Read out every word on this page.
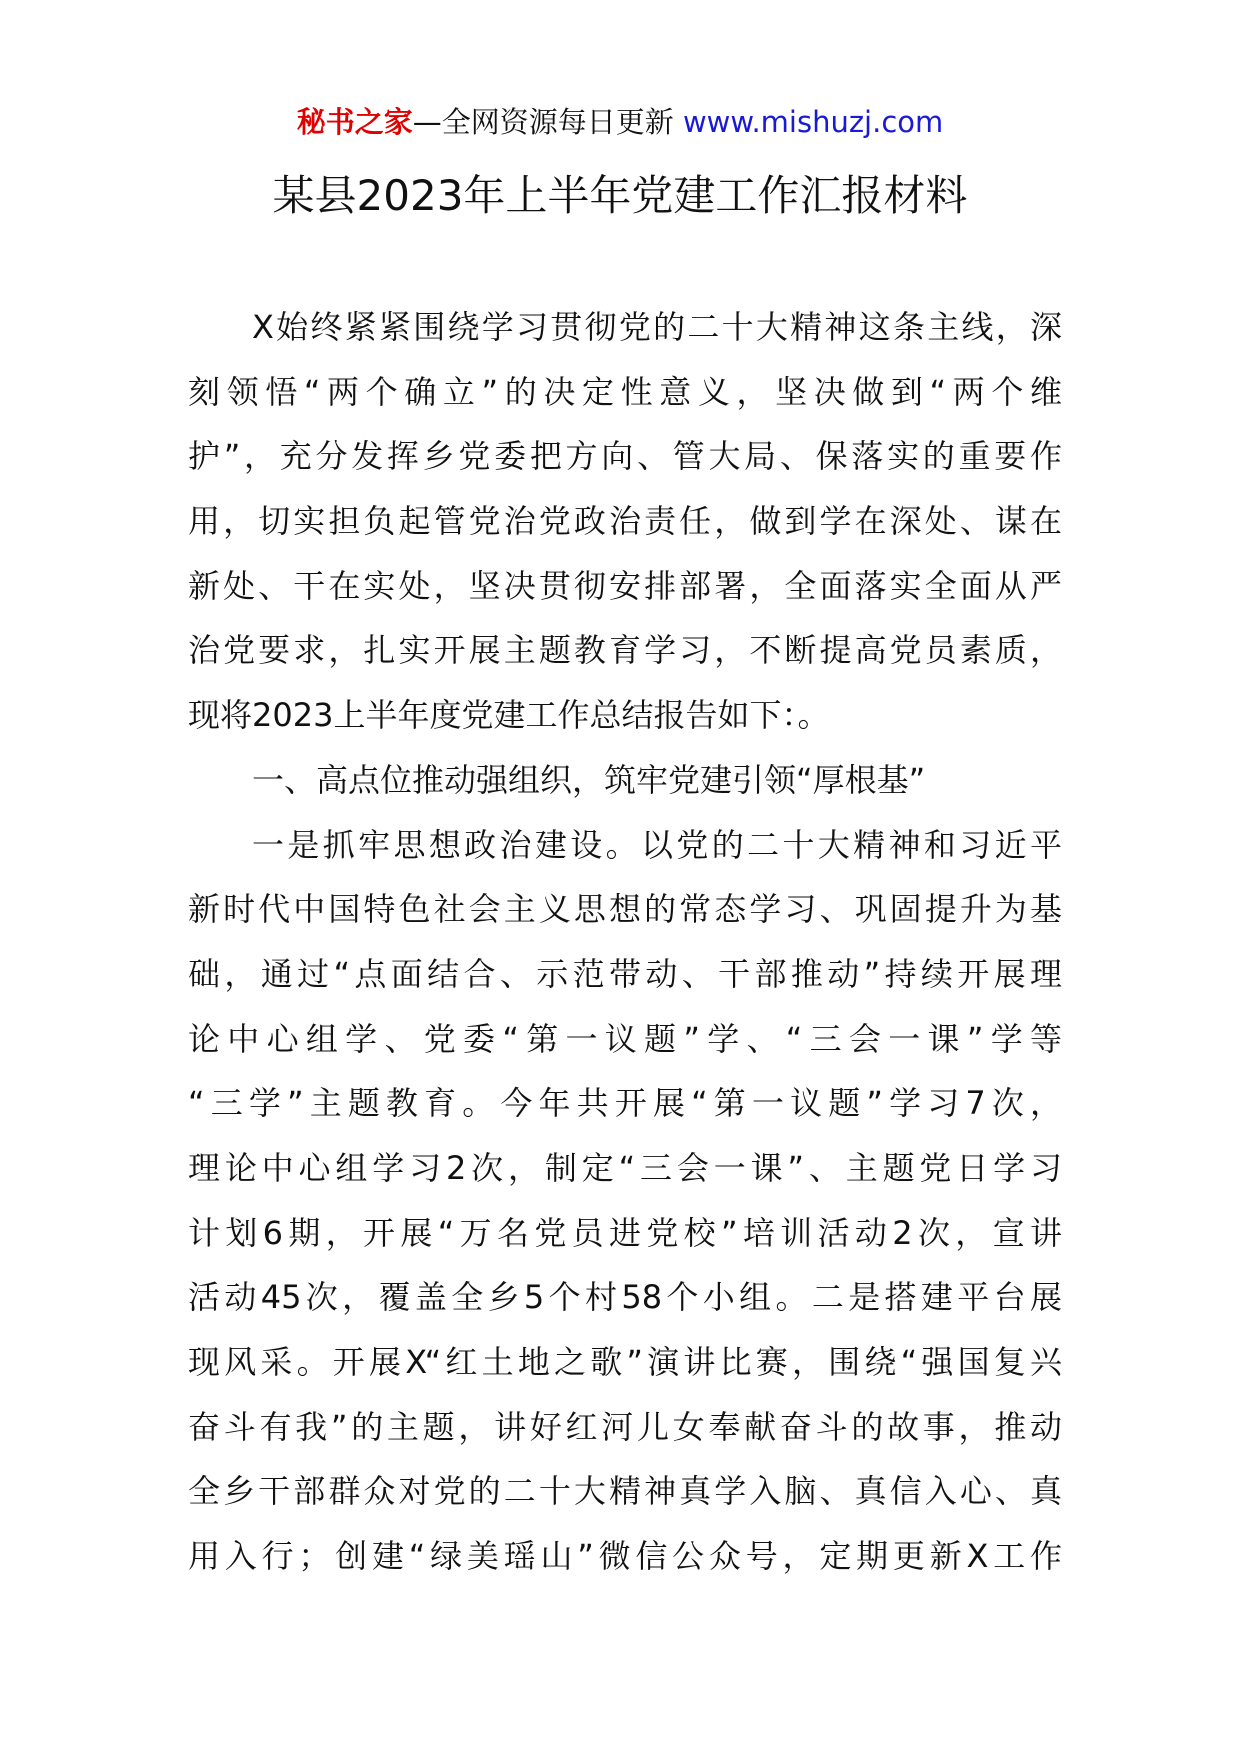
秘书之家—全网资源每日更新 www.mishuzj.com
某县2023年上半年党建工作汇报材料
X始终紧紧围绕学习贯彻党的二十大精神这条主线，深
刻领悟“两个确立”的决定性意义，坚决做到“两个维
护”，充分发挥乡党委把方向、管大局、保落实的重要作
用，切实担负起管党治党政治责任，做到学在深处、谋在
新处、干在实处，坚决贯彻安排部署，全面落实全面从严
治党要求，扎实开展主题教育学习，不断提高党员素质，
现将2023上半年度党建工作总结报告如下：。
一、高点位推动强组织，筑牢党建引领“厚根基”
一是抓牢思想政治建设。以党的二十大精神和习近平
新时代中国特色社会主义思想的常态学习、巩固提升为基
础，通过“点面结合、示范带动、干部推动”持续开展理
论中心组学、党委“第一议题”学、“三会一课”学等
“三学”主题教育。今年共开展“第一议题”学习7次，
理论中心组学习2次，制定“三会一课”、主题党日学习
计划6期，开展“万名党员进党校”培训活动2次，宣讲
活动45次，覆盖全乡5个村58个小组。二是搭建平台展
现风采。开展X“红土地之歌”演讲比赛，围绕“强国复兴
奋斗有我”的主题，讲好红河儿女奉献奋斗的故事，推动
全乡干部群众对党的二十大精神真学入脑、真信入心、真
用入行；创建“绿美瑶山”微信公众号，定期更新X工作
